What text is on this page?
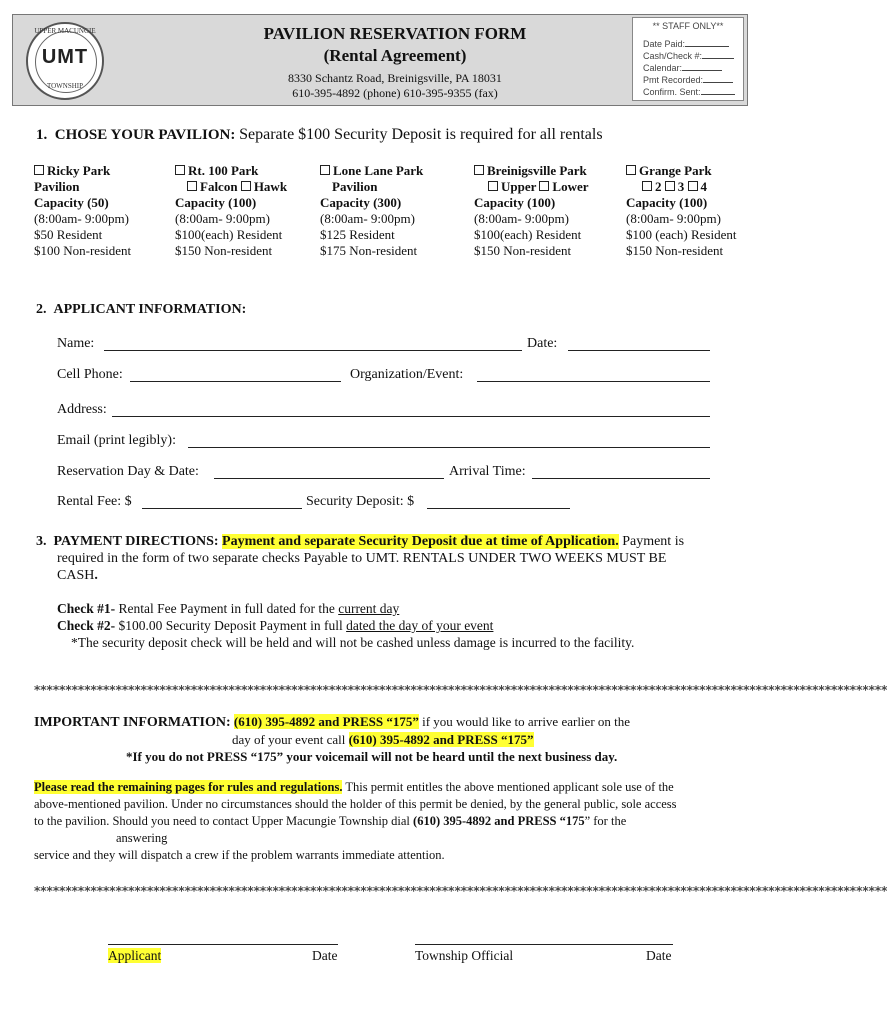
UPPER MACUNGIE
UMT
TOWNSHIP
PAVILION RESERVATION FORM
(Rental Agreement)
8330 Schantz Road, Breinigsville, PA 18031
610-395-4892 (phone) 610-395-9355 (fax)
** STAFF ONLY**
Date Paid:
Cash/Check #:
Calendar:
Pmt Recorded:
Confirm. Sent:
1. CHOSE YOUR PAVILION: Separate $100 Security Deposit is required for all rentals
Ricky Park
Pavilion
Capacity (50)
(8:00am- 9:00pm)
$50 Resident
$100 Non-resident
Rt. 100 Park
Falcon Hawk
Capacity (100)
(8:00am- 9:00pm)
$100(each) Resident
$150 Non-resident
Lone Lane Park
Pavilion
Capacity (300)
(8:00am- 9:00pm)
$125 Resident
$175 Non-resident
Breinigsville Park
Upper Lower
Capacity (100)
(8:00am- 9:00pm)
$100(each) Resident
$150 Non-resident
Grange Park
2 3 4
Capacity (100)
(8:00am- 9:00pm)
$100 (each) Resident
$150 Non-resident
2. APPLICANT INFORMATION:
Name:	Date:
Cell Phone:	Organization/Event:
Address:
Email (print legibly):
Reservation Day & Date:	Arrival Time:
Rental Fee: $	Security Deposit: $
3. PAYMENT DIRECTIONS: Payment and separate Security Deposit due at time of Application. Payment is
required in the form of two separate checks Payable to UMT. RENTALS UNDER TWO WEEKS MUST BE
CASH.
Check #1- Rental Fee Payment in full dated for the current day
Check #2- $100.00 Security Deposit Payment in full dated the day of your event
*The security deposit check will be held and will not be cashed unless damage is incurred to the facility.
****************************************************************************************************************************************
IMPORTANT INFORMATION: (610) 395-4892 and PRESS “175” if you would like to arrive earlier on the
day of your event call (610) 395-4892 and PRESS “175”
*If you do not PRESS “175” your voicemail will not be heard until the next business day.
Please read the remaining pages for rules and regulations. This permit entitles the above mentioned applicant sole use of the
above-mentioned pavilion. Under no circumstances should the holder of this permit be denied, by the general public, sole access
to the pavilion. Should you need to contact Upper Macungie Township dial (610) 395-4892 and PRESS “175” for the
answering
service and they will dispatch a crew if the problem warrants immediate attention.
****************************************************************************************************************************************
Applicant	Date	Township Official	Date
